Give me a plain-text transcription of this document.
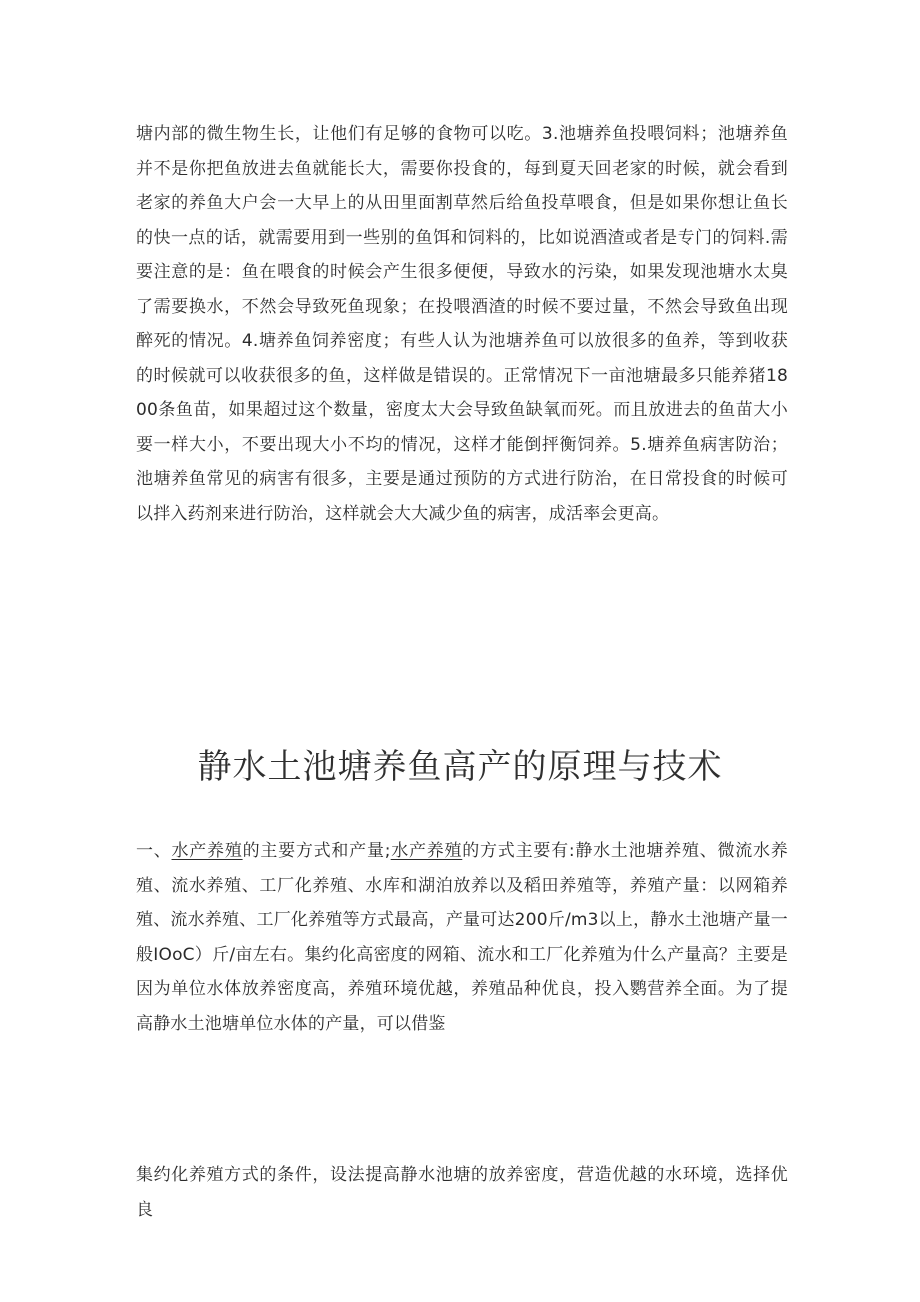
塘内部的微生物生长，让他们有足够的食物可以吃。3.池塘养鱼投喂饲料；池塘养鱼并不是你把鱼放进去鱼就能长大，需要你投食的，每到夏天回老家的时候，就会看到老家的养鱼大户会一大早上的从田里面割草然后给鱼投草喂食，但是如果你想让鱼长的快一点的话，就需要用到一些别的鱼饵和饲料的，比如说酒渣或者是专门的饲料.需要注意的是：鱼在喂食的时候会产生很多便便，导致水的污染，如果发现池塘水太臭了需要换水，不然会导致死鱼现象；在投喂酒渣的时候不要过量，不然会导致鱼出现醉死的情况。4.塘养鱼饲养密度；有些人认为池塘养鱼可以放很多的鱼养，等到收获的时候就可以收获很多的鱼，这样做是错误的。正常情况下一亩池塘最多只能养猪1800条鱼苗，如果超过这个数量，密度太大会导致鱼缺氧而死。而且放进去的鱼苗大小要一样大小，不要出现大小不均的情况，这样才能倒抨衡饲养。5.塘养鱼病害防治；池塘养鱼常见的病害有很多，主要是通过预防的方式进行防治，在日常投食的时候可以拌入药剂来进行防治，这样就会大大减少鱼的病害，成活率会更高。
静水土池塘养鱼高产的原理与技术
一、水产养殖的主要方式和产量;水产养殖的方式主要有:静水土池塘养殖、微流水养殖、流水养殖、工厂化养殖、水库和湖泊放养以及稻田养殖等，养殖产量：以网箱养殖、流水养殖、工厂化养殖等方式最高，产量可达200斤/m3以上，静水土池塘产量一般IOoC）斤/亩左右。集约化高密度的网箱、流水和工厂化养殖为什么产量高？主要是因为单位水体放养密度高，养殖环境优越，养殖品种优良，投入鹦营养全面。为了提高静水土池塘单位水体的产量，可以借鉴
集约化养殖方式的条件，设法提高静水池塘的放养密度，营造优越的水环境，选择优良
